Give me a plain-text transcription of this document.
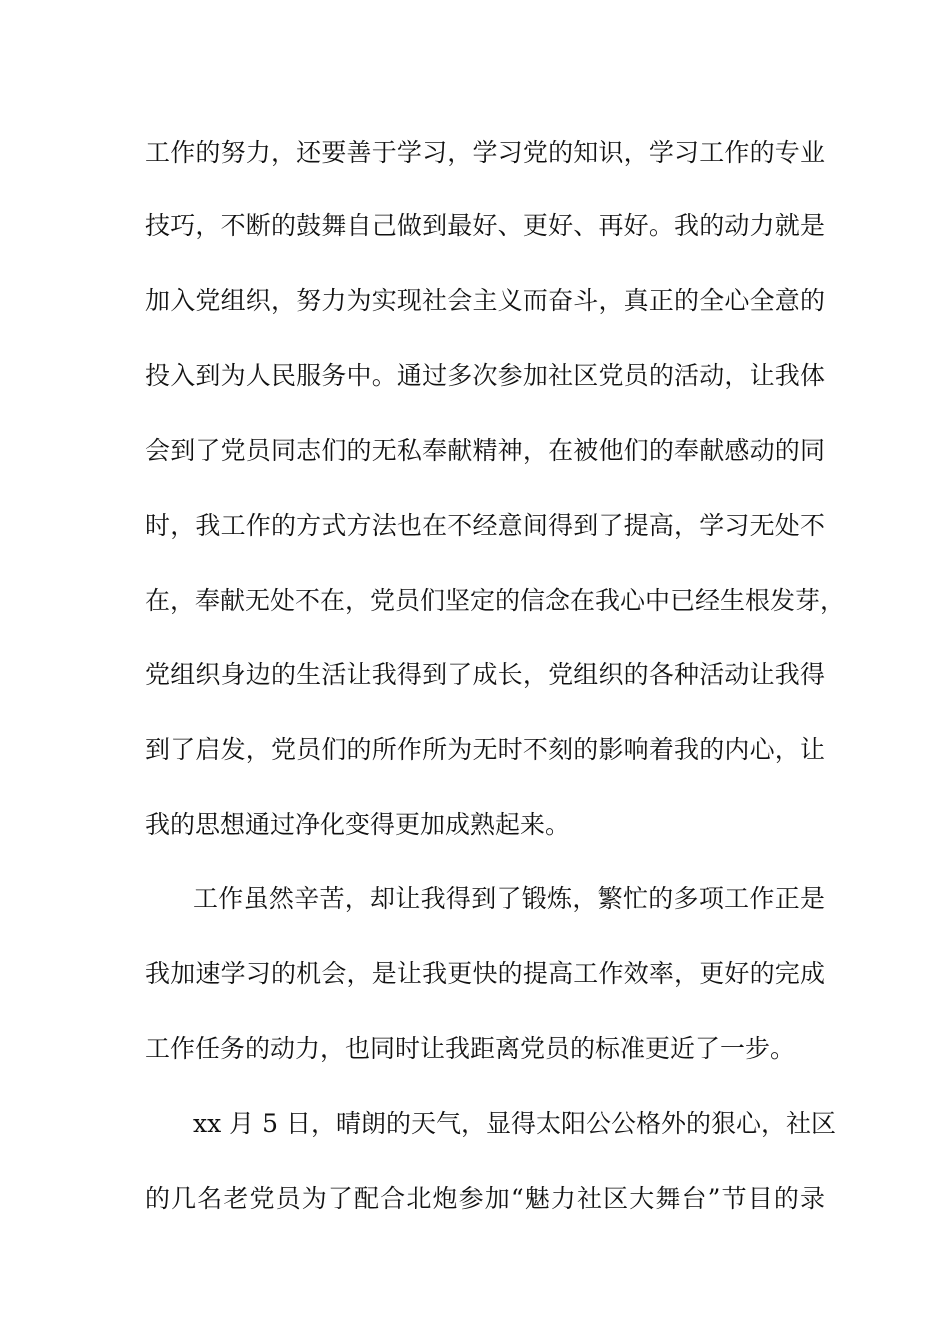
工作的努力，还要善于学习，学习党的知识，学习工作的专业
技巧，不断的鼓舞自己做到最好、更好、再好。我的动力就是
加入党组织，努力为实现社会主义而奋斗，真正的全心全意的
投入到为人民服务中。通过多次参加社区党员的活动，让我体
会到了党员同志们的无私奉献精神，在被他们的奉献感动的同
时，我工作的方式方法也在不经意间得到了提高，学习无处不
在，奉献无处不在，党员们坚定的信念在我心中已经生根发芽，
党组织身边的生活让我得到了成长，党组织的各种活动让我得
到了启发，党员们的所作所为无时不刻的影响着我的内心，让
我的思想通过净化变得更加成熟起来。
工作虽然辛苦，却让我得到了锻炼，繁忙的多项工作正是
我加速学习的机会，是让我更快的提高工作效率，更好的完成
工作任务的动力，也同时让我距离党员的标准更近了一步。
xx 月 5 日，晴朗的天气，显得太阳公公格外的狠心，社区
的几名老党员为了配合北炮参加“魅力社区大舞台”节目的录
